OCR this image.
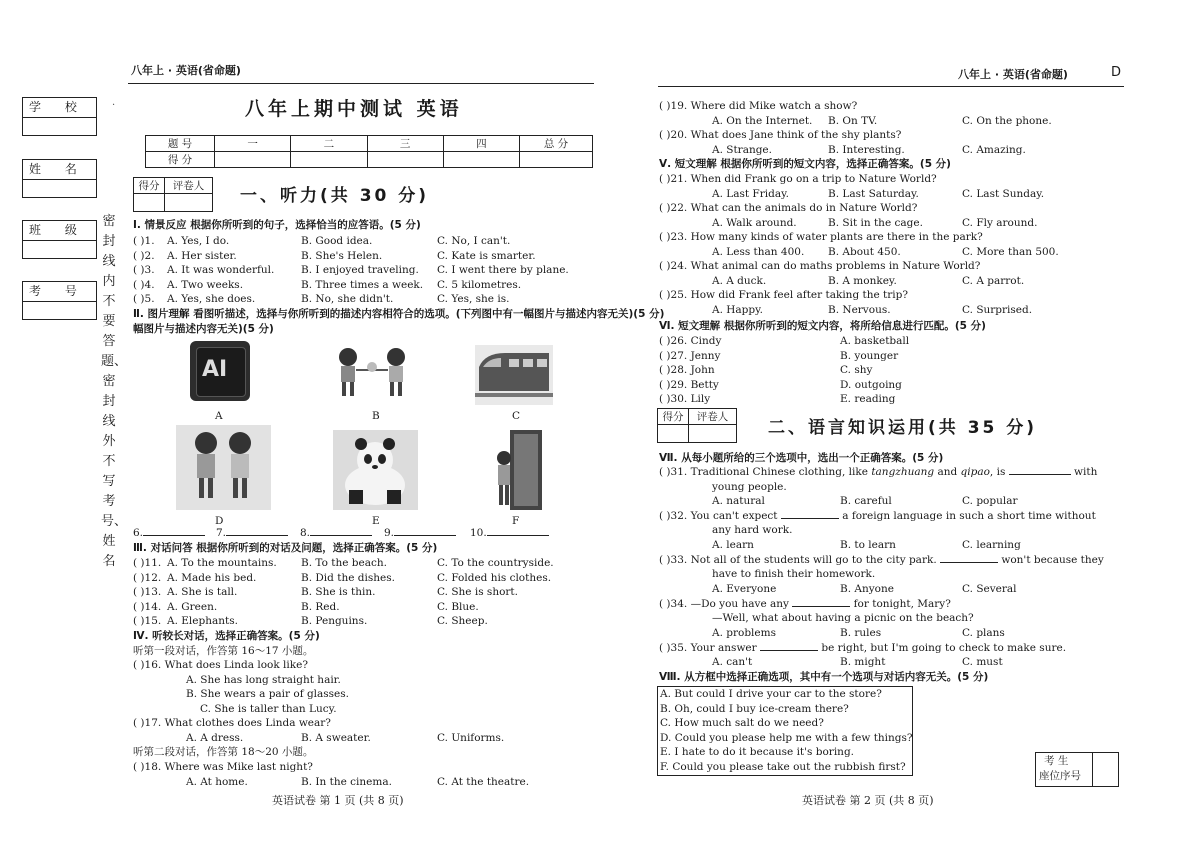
八年上 · 英语(省命题)
学 校
姓 名
班 级
考 号
密封线内不要答题、密封线外不写考号、姓名
·	八年上期中测试 英语
题 号	一	二	三	四	总 分
得 分					
得分	评卷人
	一、听力(共 30 分)
Ⅰ. 情景反应 根据你所听到的句子，选择恰当的应答语。(5 分)
( )1. A. Yes, I do.	B. Good idea.	C. No, I can't.
( )2. A. Her sister.	B. She's Helen.	C. Kate is smarter.
( )3. A. It was wonderful.	B. I enjoyed traveling. C. I went there by plane.
( )4. A. Two weeks.	B. Three times a week. C. 5 kilometres.
( )5. A. Yes, she does.	B. No, she didn't.	C. Yes, she is.
Ⅱ. 图片理解 看图听描述，选择与你所听到的描述内容相符合的选项。(下列图中有一幅图片与描述内容无关)(5 分)
幅图片与描述内容无关)(5 分)
AI
A	B	C
D	E	F
6.	7.	8.	9.	10.
Ⅲ. 对话问答 根据你所听到的对话及问题，选择正确答案。(5 分)
( )11. A. To the mountains. B. To the beach.	C. To the countryside.
( )12. A. Made his bed.	B. Did the dishes.	C. Folded his clothes.
( )13. A. She is tall.	B. She is thin.	C. She is short.
( )14. A. Green.	B. Red.	C. Blue.
( )15. A. Elephants.	B. Penguins.	C. Sheep.
Ⅳ. 听较长对话，选择正确答案。(5 分)
听第一段对话，作答第 16～17 小题。
( )16. What does Linda look like?
A. She has long straight hair.
B. She wears a pair of glasses.
C. She is taller than Lucy.
( )17. What clothes does Linda wear?
A. A dress.	B. A sweater.	C. Uniforms.
听第二段对话，作答第 18～20 小题。
( )18. Where was Mike last night?
A. At home.	B. In the cinema.	C. At the theatre.
英语试卷 第 1 页 (共 8 页)
八年上 · 英语(省命题)	D
( )19. Where did Mike watch a show?
A. On the Internet. B. On TV.	C. On the phone.
( )20. What does Jane think of the shy plants?
A. Strange.	B. Interesting.	C. Amazing.
Ⅴ. 短文理解 根据你所听到的短文内容，选择正确答案。(5 分)
( )21. When did Frank go on a trip to Nature World?
A. Last Friday.	B. Last Saturday.	C. Last Sunday.
( )22. What can the animals do in Nature World?
A. Walk around.	B. Sit in the cage.	C. Fly around.
( )23. How many kinds of water plants are there in the park?
A. Less than 400. B. About 450.	C. More than 500.
( )24. What animal can do maths problems in Nature World?
A. A duck.	B. A monkey.	C. A parrot.
( )25. How did Frank feel after taking the trip?
A. Happy.	B. Nervous.	C. Surprised.
Ⅵ. 短文理解 根据你所听到的短文内容，将所给信息进行匹配。(5 分)
( )26. Cindy	A. basketball
( )27. Jenny	B. younger
( )28. John	C. shy
( )29. Betty	D. outgoing
( )30. Lily	E. reading
得分	评卷人

二、语言知识运用(共 35 分)
Ⅶ. 从每小题所给的三个选项中，选出一个正确答案。(5 分)
( )31. Traditional Chinese clothing, like tangzhuang and qipao, is	with
young people.
A. natural	B. careful	C. popular
( )32. You can't expect	a foreign language in such a short time without
any hard work.
A. learn	B. to learn	C. learning
( )33. Not all of the students will go to the city park.	won't because they
have to finish their homework.
A. Everyone	B. Anyone	C. Several
( )34. —Do you have any	for tonight, Mary?
—Well, what about having a picnic on the beach?
A. problems	B. rules	C. plans
( )35. Your answer	be right, but I'm going to check to make sure.
A. can't	B. might	C. must
Ⅷ. 从方框中选择正确选项，其中有一个选项与对话内容无关。(5 分)
A. But could I drive your car to the store?
B. Oh, could I buy ice-cream there?
C. How much salt do we need?
D. Could you please help me with a few things?
E. I hate to do it because it's boring.
F. Could you please take out the rubbish first?	考 生
座位序号
英语试卷 第 2 页 (共 8 页)
